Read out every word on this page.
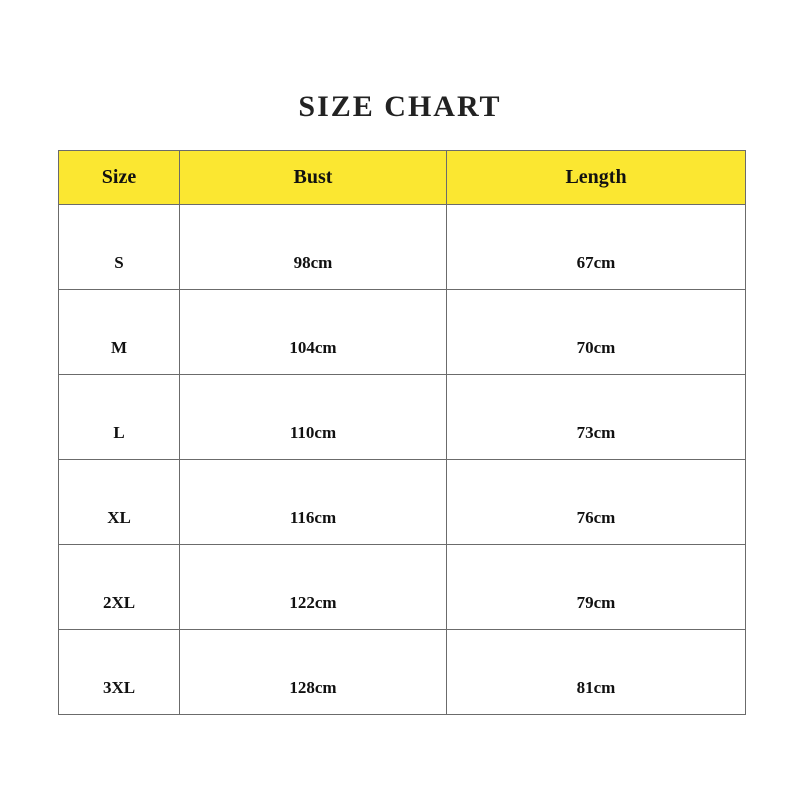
SIZE CHART
Size	Bust	Length
S	98cm	67cm
M	104cm	70cm
L	110cm	73cm
XL	116cm	76cm
2XL	122cm	79cm
3XL	128cm	81cm
